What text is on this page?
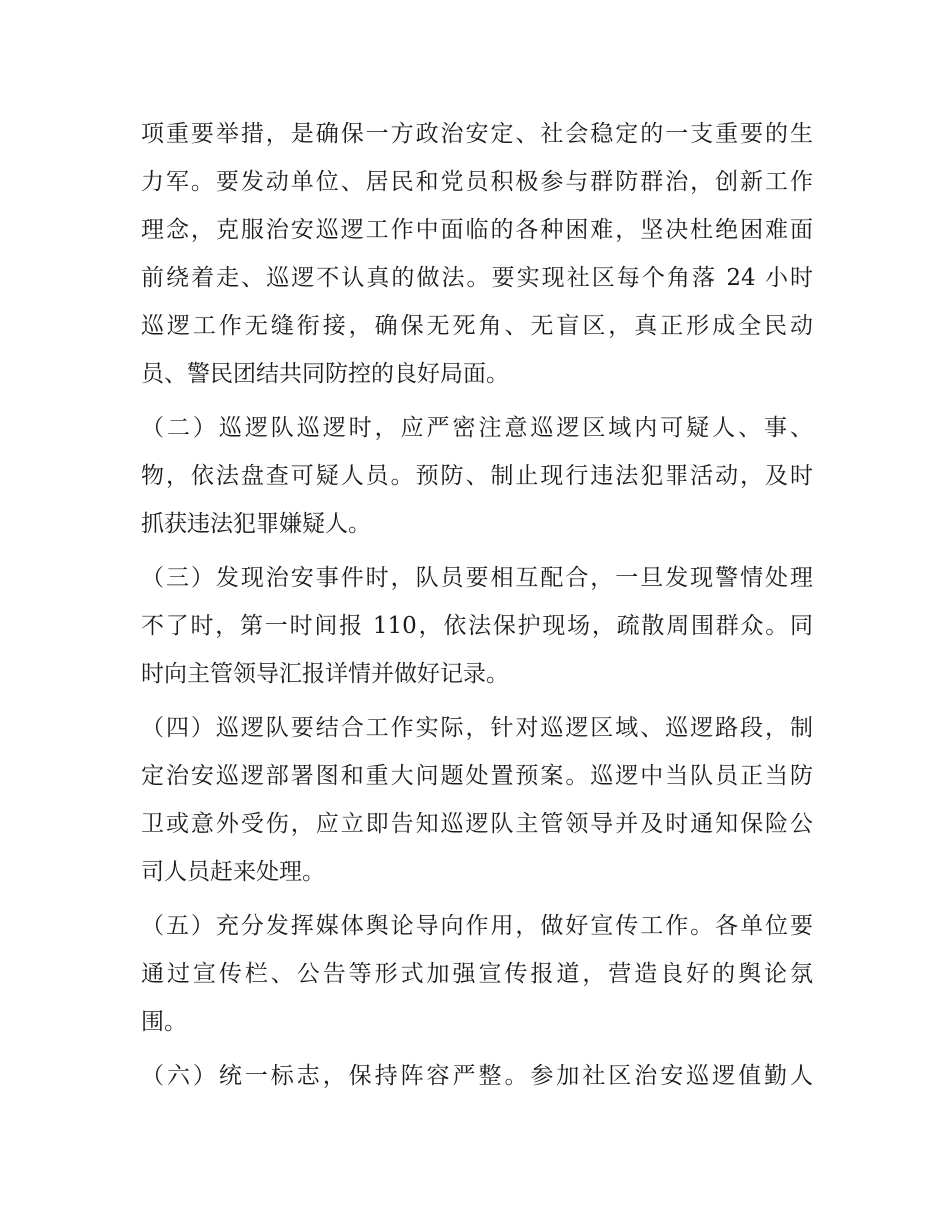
项重要举措，是确保一方政治安定、社会稳定的一支重要的生
力军。要发动单位、居民和党员积极参与群防群治，创新工作
理念，克服治安巡逻工作中面临的各种困难，坚决杜绝困难面
前绕着走、巡逻不认真的做法。要实现社区每个角落 24 小时
巡逻工作无缝衔接，确保无死角、无盲区，真正形成全民动
员、警民团结共同防控的良好局面。
（二）巡逻队巡逻时，应严密注意巡逻区域内可疑人、事、
物，依法盘查可疑人员。预防、制止现行违法犯罪活动，及时
抓获违法犯罪嫌疑人。
（三）发现治安事件时，队员要相互配合，一旦发现警情处理
不了时，第一时间报 110，依法保护现场，疏散周围群众。同
时向主管领导汇报详情并做好记录。
（四）巡逻队要结合工作实际，针对巡逻区域、巡逻路段，制
定治安巡逻部署图和重大问题处置预案。巡逻中当队员正当防
卫或意外受伤，应立即告知巡逻队主管领导并及时通知保险公
司人员赶来处理。
（五）充分发挥媒体舆论导向作用，做好宣传工作。各单位要
通过宣传栏、公告等形式加强宣传报道，营造良好的舆论氛
围。
（六）统一标志，保持阵容严整。参加社区治安巡逻值勤人
